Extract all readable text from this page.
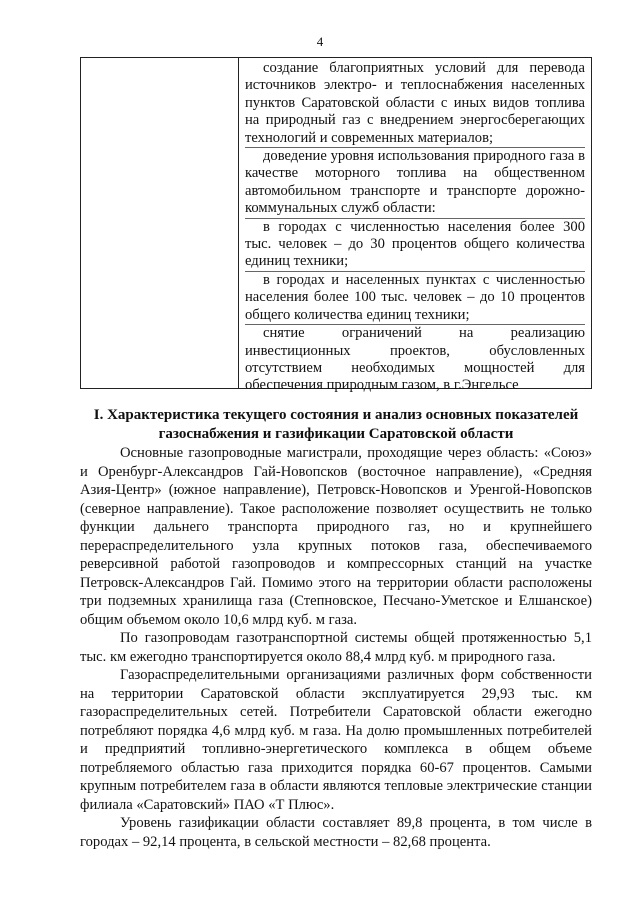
4

создание благоприятных условий для перевода источников электро- и теплоснабжения населенных пунктов Саратовской области с иных видов топлива на природный газ с внедрением энергосберегающих технологий и современных материалов;

доведение уровня использования природного газа в качестве моторного топлива на общественном автомобильном транспорте и транспорте дорожно-коммунальных служб области:

в городах с численностью населения более 300 тыс. человек – до 30 процентов общего количества единиц техники;

в городах и населенных пунктах с численностью населения более 100 тыс. человек – до 10 процентов общего количества единиц техники;

снятие ограничений на реализацию инвестиционных проектов, обусловленных отсутствием необходимых мощностей для обеспечения природным газом, в г.Энгельсе

I. Характеристика текущего состояния и анализ основных показателей газоснабжения и газификации Саратовской области

Основные газопроводные магистрали, проходящие через область: «Союз» и Оренбург-Александров Гай-Новопсков (восточное направление), «Средняя Азия-Центр» (южное направление), Петровск-Новопсков и Уренгой-Новопсков (северное направление). Такое расположение позволяет осуществить не только функции дальнего транспорта природного газ, но и крупнейшего перераспределительного узла крупных потоков газа, обеспечиваемого реверсивной работой газопроводов и компрессорных станций на участке Петровск-Александров Гай. Помимо этого на территории области расположены три подземных хранилища газа (Степновское, Песчано-Уметское и Елшанское) общим объемом около 10,6 млрд куб. м газа.

По газопроводам газотранспортной системы общей протяженностью 5,1 тыс. км ежегодно транспортируется около 88,4 млрд куб. м природного газа.

Газораспределительными организациями различных форм собственности на территории Саратовской области эксплуатируется 29,93 тыс. км газораспределительных сетей. Потребители Саратовской области ежегодно потребляют порядка 4,6 млрд куб. м газа. На долю промышленных потребителей и предприятий топливно-энергетического комплекса в общем объеме потребляемого областью газа приходится порядка 60-67 процентов. Самыми крупным потребителем газа в области являются тепловые электрические станции филиала «Саратовский» ПАО «Т Плюс».

Уровень газификации области составляет 89,8 процента, в том числе в городах – 92,14 процента, в сельской местности – 82,68 процента.
